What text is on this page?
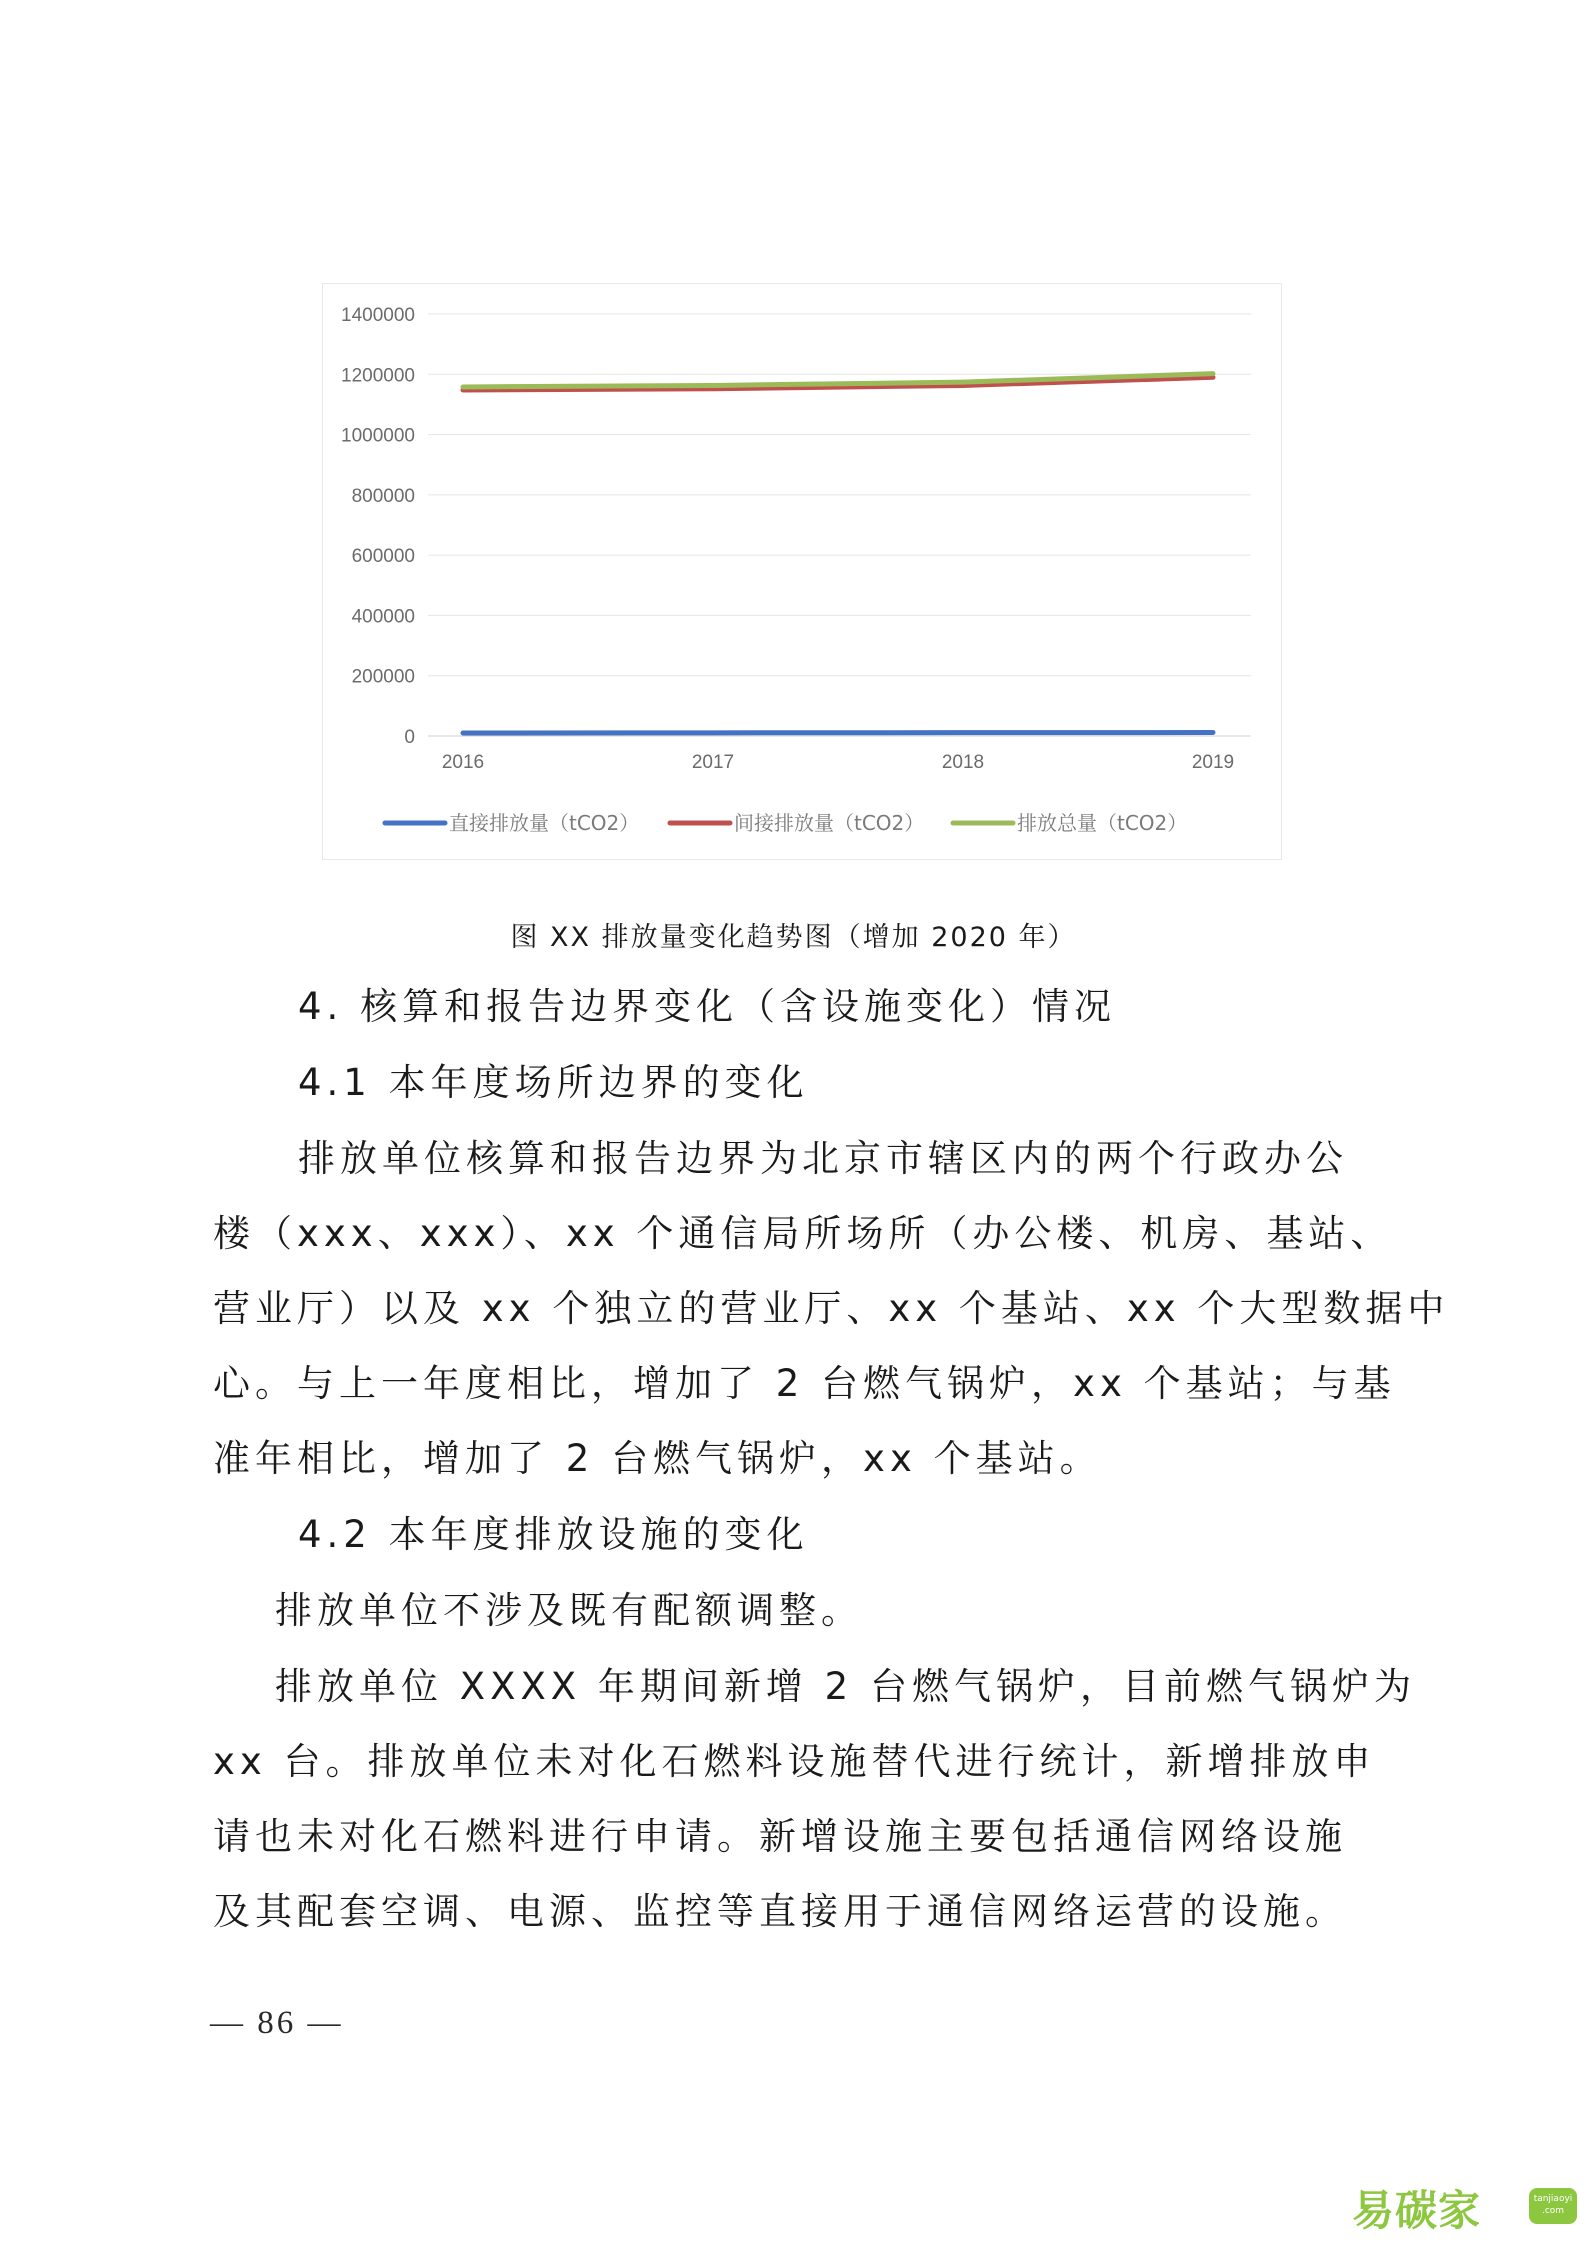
0
200000
400000
600000
800000
1000000
1200000
1400000
2016	2017	2018	2019
直接排放量（tCO2）	间接排放量（tCO2）	排放总量（tCO2）
图 XX 排放量变化趋势图（增加 2020 年）
4. 核算和报告边界变化（含设施变化）情况
4.1 本年度场所边界的变化
排放单位核算和报告边界为北京市辖区内的两个行政办公
楼（xxx、xxx）、xx 个通信局所场所（办公楼、机房、基站、
营业厅）以及 xx 个独立的营业厅、xx 个基站、xx 个大型数据中
心。与上一年度相比，增加了 2 台燃气锅炉，xx 个基站；与基
准年相比，增加了 2 台燃气锅炉，xx 个基站。
4.2 本年度排放设施的变化
排放单位不涉及既有配额调整。
排放单位 XXXX 年期间新增 2 台燃气锅炉，目前燃气锅炉为
xx 台。排放单位未对化石燃料设施替代进行统计，新增排放申
请也未对化石燃料进行申请。新增设施主要包括通信网络设施
及其配套空调、电源、监控等直接用于通信网络运营的设施。
— 86 —
易碳家	tanjiaoyi
.com
